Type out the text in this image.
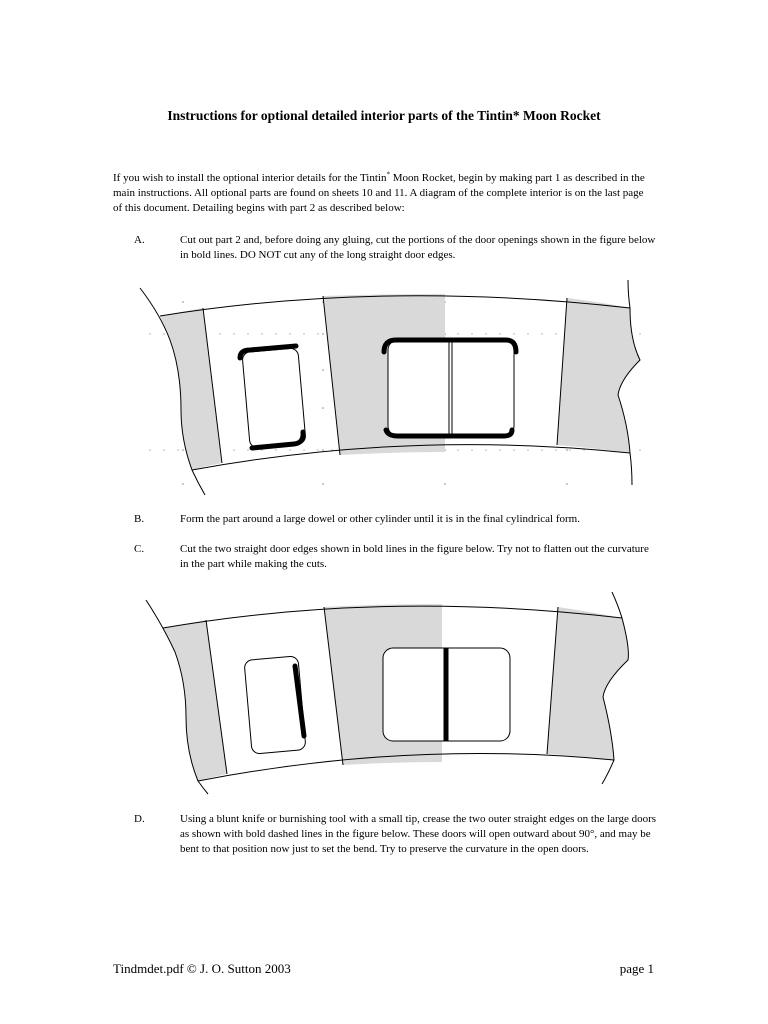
Instructions for optional detailed interior parts of the Tintin* Moon Rocket
If you wish to install the optional interior details for the Tintin* Moon Rocket, begin by making part 1 as described in the main instructions. All optional parts are found on sheets 10 and 11. A diagram of the complete interior is on the last page of this document. Detailing begins with part 2 as described below:
A.	Cut out part 2 and, before doing any gluing, cut the portions of the door openings shown in the figure below in bold lines. DO NOT cut any of the long straight door edges.
B.	Form the part around a large dowel or other cylinder until it is in the final cylindrical form.
C.	Cut the two straight door edges shown in bold lines in the figure below. Try not to flatten out the curvature in the part while making the cuts.
D.	Using a blunt knife or burnishing tool with a small tip, crease the two outer straight edges on the large doors as shown with bold dashed lines in the figure below. These doors will open outward about 90°, and may be bent to that position now just to set the bend. Try to preserve the curvature in the open doors.
Tindmdet.pdf © J. O. Sutton 2003	page 1
